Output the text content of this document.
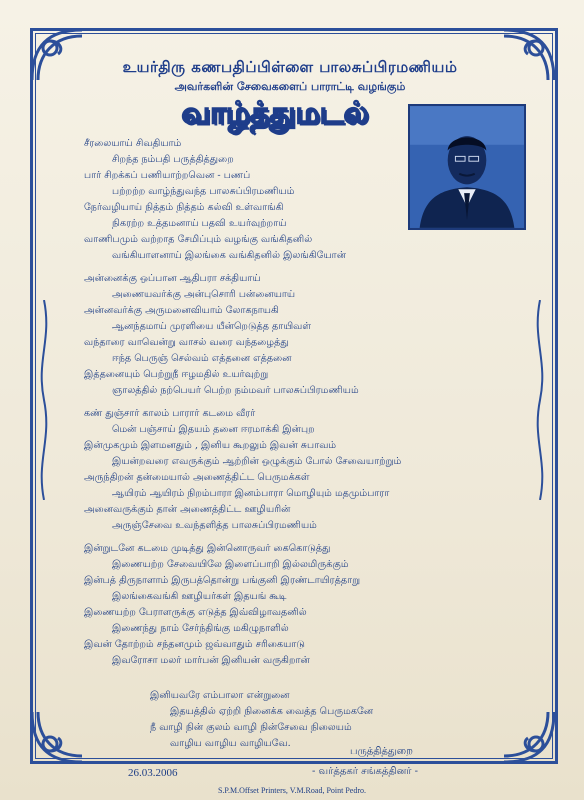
உயர்திரு கணபதிப்பிள்ளை பாலசுப்பிரமணியம்
அவர்களின் சேவைகளைப் பாராட்டி வழங்கும்
வாழ்த்துமடல்
சீரலையாய் சிவதியாம்
சிறந்த நம்பதி பருத்தித்துறை
பார் சிறக்கப் பணியாற்றவென - பணப்
பற்றற்ற வாழ்ந்துவந்த பாலசுப்பிரமணியம்
நேர்வழியாய் நித்தம் நித்தம் கல்வி உள்வாங்கி
நிகரற்ற உத்தமனாய் பதவி உயர்வுற்றாய்
வாணிபமும் வற்றாத சேமிப்பும் வழங்கு வங்கிதனில்
வங்கியாளனாய் இலங்கை வங்கிதனில் இலங்கியோன்
அன்னைக்கு ஒப்பான ஆதிபரா சக்தியாய்
அணையவர்க்கு அன்புசொரி பன்னையாய்
அன்னவர்க்கு அருமனைவியாம் லோகநாயகி
ஆனந்தமாய் முரளியை யீன்றெடுத்த தாயிவள்
வந்தாரை வாவென்று வாசல் வரை வந்தழைத்து
ஈந்த பெருஞ் செல்வம் எத்தனை எத்தனை
இத்தனையும் பெற்றுநீ ஈழமதில் உயர்வுற்று
ஞாலத்தில் நற்பெயர் பெற்ற நம்மவர் பாலசுப்பிரமணியம்
கண் துஞ்சார் காலம் பாரார் கடமை வீரர்
மென் பஞ்சாய் இதயம் தனை ஈரமாக்கி இன்புற
இன்முகமும் இளமனதும் , இனிய கூறலும் இவன் சுபாவம்
இயன்றவரை எவருக்கும் ஆற்றின் ஒழுக்கும் போல் சேவையாற்றும்
அருந்திறன் தன்மையால் அணைத்திட்ட பெருமக்கள்
ஆயிரம் ஆயிரம் நிறம்பாரா இனம்பாரா மொழியும் மதமும்பாரா
அனைவருக்கும் தான் அணைத்திட்ட ஊழியரின்
அருஞ்சேவை உவந்தளித்த பாலசுப்பிரமணியம்
இன்றுடனே கடமை முடித்து இன்னொருவர் கைகொடுத்து
இணையற்ற சேவையிலே இளைப்பாறி இல்லமிருக்கும்
இன்பத் திருநாளாம் இருபத்தொன்று பங்குனி இரண்டாயிரத்தாறு
இலங்கைவங்கி ஊழியர்கள் இதயங் கூடி
இணையற்ற பேராளருக்கு எடுத்த இவ்விழாவதனில்
இணைந்து நாம் சேர்ந்திங்கு மகிழுநாளில்
இவன் தோற்றம் சந்தனமும் ஜவ்வாதும் சரிகையாடு
இவரோசா மலர் மார்பன் இனியன் வருகிறான்
இனியவரே எம்பாலா என்றுனை
இதயத்தில் ஏற்றி நினைக்க வைத்த பெருமகனே
நீ வாழி நின் குலம் வாழி நின்சேவை நிலையம்
வாழிய வாழிய வாழியவே.
26.03.2006
பருத்தித்துறை
- வர்த்தகர் சங்கத்தினர் -
S.P.M.Offset Printers, V.M.Road, Point Pedro.
